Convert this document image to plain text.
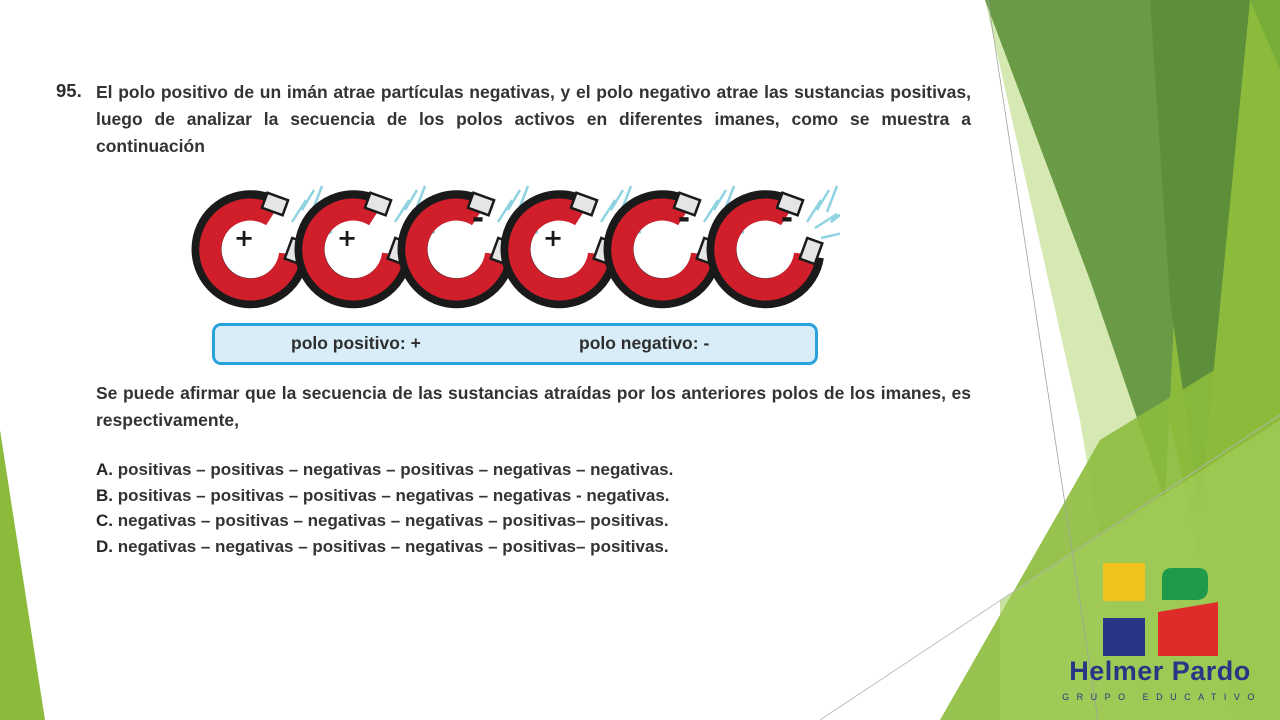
95. El polo positivo de un imán atrae partículas negativas, y el polo negativo atrae las sustancias positivas, luego de analizar la secuencia de los polos activos en diferentes imanes, como se muestra a continuación
+	+
-
+
-	-
polo positivo: +	polo negativo: -
Se puede afirmar que la secuencia de las sustancias atraídas por los anteriores polos de los imanes, es respectivamente,
A. positivas – positivas – negativas – positivas – negativas – negativas.
B. positivas – positivas – positivas – negativas – negativas - negativas.
C. negativas – positivas – negativas – negativas – positivas– positivas.
D. negativas – negativas – positivas – negativas – positivas– positivas.
Helmer Pardo
GRUPO EDUCATIVO
